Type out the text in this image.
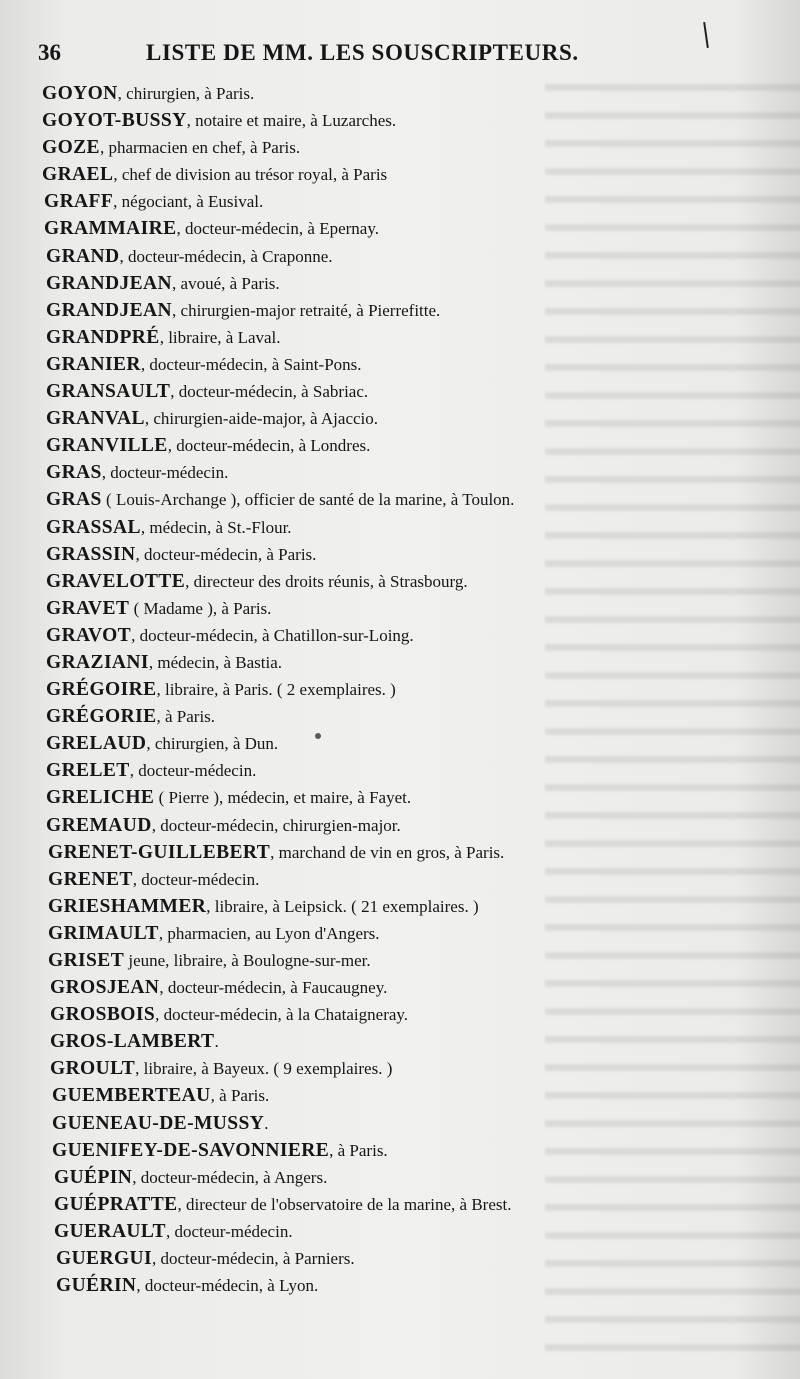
36	LISTE DE MM. LES SOUSCRIPTEURS.
GOYON, chirurgien, à Paris.
GOYOT-BUSSY, notaire et maire, à Luzarches.
GOZE, pharmacien en chef, à Paris.
GRAEL, chef de division au trésor royal, à Paris
GRAFF, négociant, à Eusival.
GRAMMAIRE, docteur-médecin, à Epernay.
GRAND, docteur-médecin, à Craponne.
GRANDJEAN, avoué, à Paris.
GRANDJEAN, chirurgien-major retraité, à Pierrefitte.
GRANDPRÉ, libraire, à Laval.
GRANIER, docteur-médecin, à Saint-Pons.
GRANSAULT, docteur-médecin, à Sabriac.
GRANVAL, chirurgien-aide-major, à Ajaccio.
GRANVILLE, docteur-médecin, à Londres.
GRAS, docteur-médecin.
GRAS ( Louis-Archange ), officier de santé de la marine, à Toulon.
GRASSAL, médecin, à St.-Flour.
GRASSIN, docteur-médecin, à Paris.
GRAVELOTTE, directeur des droits réunis, à Strasbourg.
GRAVET ( Madame ), à Paris.
GRAVOT, docteur-médecin, à Chatillon-sur-Loing.
GRAZIANI, médecin, à Bastia.
GRÉGOIRE, libraire, à Paris. ( 2 exemplaires. )
GRÉGORIE, à Paris.
GRELAUD, chirurgien, à Dun.
GRELET, docteur-médecin.
GRELICHE ( Pierre ), médecin, et maire, à Fayet.
GREMAUD, docteur-médecin, chirurgien-major.
GRENET-GUILLEBERT, marchand de vin en gros, à Paris.
GRENET, docteur-médecin.
GRIESHAMMER, libraire, à Leipsick. ( 21 exemplaires. )
GRIMAULT, pharmacien, au Lyon d'Angers.
GRISET jeune, libraire, à Boulogne-sur-mer.
GROSJEAN, docteur-médecin, à Faucaugney.
GROSBOIS, docteur-médecin, à la Chataigneray.
GROS-LAMBERT.
GROULT, libraire, à Bayeux. ( 9 exemplaires. )
GUEMBERTEAU, à Paris.
GUENEAU-DE-MUSSY.
GUENIFEY-DE-SAVONNIERE, à Paris.
GUÉPIN, docteur-médecin, à Angers.
GUÉPRATTE, directeur de l'observatoire de la marine, à Brest.
GUERAULT, docteur-médecin.
GUERGUI, docteur-médecin, à Parniers.
GUÉRIN, docteur-médecin, à Lyon.
